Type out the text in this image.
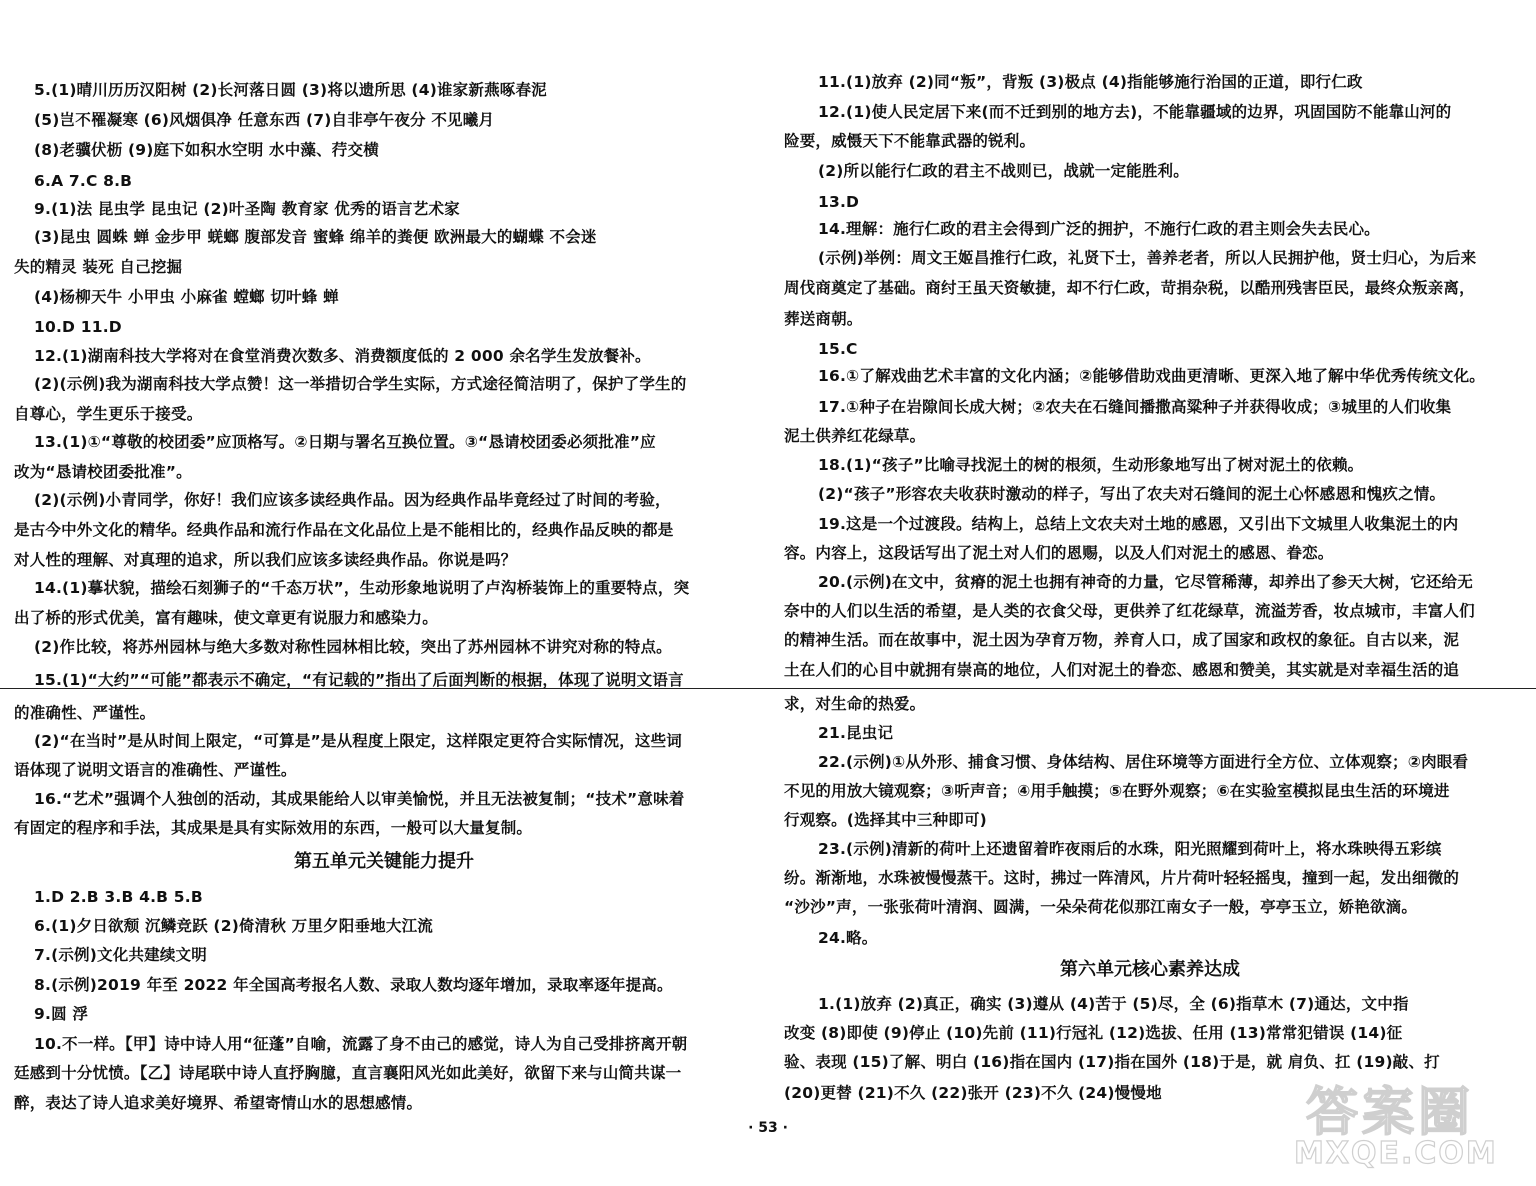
5.(1)晴川历历汉阳树 (2)长河落日圆 (3)将以遗所思 (4)谁家新燕啄春泥
(5)岂不罹凝寒 (6)风烟俱净 任意东西 (7)自非亭午夜分 不见曦月
(8)老骥伏枥 (9)庭下如积水空明 水中藻、荇交横
6.A 7.C 8.B
9.(1)法 昆虫学 昆虫记 (2)叶圣陶 教育家 优秀的语言艺术家
(3)昆虫 圆蛛 蝉 金步甲 蜣螂 腹部发音 蜜蜂 绵羊的粪便 欧洲最大的蝴蝶 不会迷
失的精灵 装死 自己挖掘
(4)杨柳天牛 小甲虫 小麻雀 螳螂 切叶蜂 蝉
10.D 11.D
12.(1)湖南科技大学将对在食堂消费次数多、消费额度低的 2 000 余名学生发放餐补。
(2)(示例)我为湖南科技大学点赞！这一举措切合学生实际，方式途径简洁明了，保护了学生的
自尊心，学生更乐于接受。
13.(1)①“尊敬的校团委”应顶格写。②日期与署名互换位置。③“恳请校团委必须批准”应
改为“恳请校团委批准”。
(2)(示例)小青同学，你好！我们应该多读经典作品。因为经典作品毕竟经过了时间的考验，
是古今中外文化的精华。经典作品和流行作品在文化品位上是不能相比的，经典作品反映的都是
对人性的理解、对真理的追求，所以我们应该多读经典作品。你说是吗？
14.(1)摹状貌，描绘石刻狮子的“千态万状”，生动形象地说明了卢沟桥装饰上的重要特点，突
出了桥的形式优美，富有趣味，使文章更有说服力和感染力。
(2)作比较，将苏州园林与绝大多数对称性园林相比较，突出了苏州园林不讲究对称的特点。
15.(1)“大约”“可能”都表示不确定，“有记载的”指出了后面判断的根据，体现了说明文语言
的准确性、严谨性。
(2)“在当时”是从时间上限定，“可算是”是从程度上限定，这样限定更符合实际情况，这些词
语体现了说明文语言的准确性、严谨性。
16.“艺术”强调个人独创的活动，其成果能给人以审美愉悦，并且无法被复制；“技术”意味着
有固定的程序和手法，其成果是具有实际效用的东西，一般可以大量复制。
第五单元关键能力提升
1.D 2.B 3.B 4.B 5.B
6.(1)夕日欲颓 沉鳞竞跃 (2)倚清秋 万里夕阳垂地大江流
7.(示例)文化共建续文明
8.(示例)2019 年至 2022 年全国高考报名人数、录取人数均逐年增加，录取率逐年提高。
9.圆 浮
10.不一样。【甲】诗中诗人用“征蓬”自喻，流露了身不由己的感觉，诗人为自己受排挤离开朝
廷感到十分忧愤。【乙】诗尾联中诗人直抒胸臆，直言襄阳风光如此美好，欲留下来与山简共谋一
醉，表达了诗人追求美好境界、希望寄情山水的思想感情。
11.(1)放弃 (2)同“叛”，背叛 (3)极点 (4)指能够施行治国的正道，即行仁政
12.(1)使人民定居下来(而不迁到别的地方去)，不能靠疆域的边界，巩固国防不能靠山河的
险要，威慑天下不能靠武器的锐利。
(2)所以能行仁政的君主不战则已，战就一定能胜利。
13.D
14.理解：施行仁政的君主会得到广泛的拥护，不施行仁政的君主则会失去民心。
(示例)举例：周文王姬昌推行仁政，礼贤下士，善养老者，所以人民拥护他，贤士归心，为后来
周伐商奠定了基础。商纣王虽天资敏捷，却不行仁政，苛捐杂税，以酷刑残害臣民，最终众叛亲离，
葬送商朝。
15.C
16.①了解戏曲艺术丰富的文化内涵；②能够借助戏曲更清晰、更深入地了解中华优秀传统文化。
17.①种子在岩隙间长成大树；②农夫在石缝间播撒高粱种子并获得收成；③城里的人们收集
泥土供养红花绿草。
18.(1)“孩子”比喻寻找泥土的树的根须，生动形象地写出了树对泥土的依赖。
(2)“孩子”形容农夫收获时激动的样子，写出了农夫对石缝间的泥土心怀感恩和愧疚之情。
19.这是一个过渡段。结构上，总结上文农夫对土地的感恩，又引出下文城里人收集泥土的内
容。内容上，这段话写出了泥土对人们的恩赐，以及人们对泥土的感恩、眷恋。
20.(示例)在文中，贫瘠的泥土也拥有神奇的力量，它尽管稀薄，却养出了参天大树，它还给无
奈中的人们以生活的希望，是人类的衣食父母，更供养了红花绿草，流溢芳香，妆点城市，丰富人们
的精神生活。而在故事中，泥土因为孕育万物，养育人口，成了国家和政权的象征。自古以来，泥
土在人们的心目中就拥有崇高的地位，人们对泥土的眷恋、感恩和赞美，其实就是对幸福生活的追
求，对生命的热爱。
21.昆虫记
22.(示例)①从外形、捕食习惯、身体结构、居住环境等方面进行全方位、立体观察；②肉眼看
不见的用放大镜观察；③听声音；④用手触摸；⑤在野外观察；⑥在实验室模拟昆虫生活的环境进
行观察。(选择其中三种即可)
23.(示例)清新的荷叶上还遗留着昨夜雨后的水珠，阳光照耀到荷叶上，将水珠映得五彩缤
纷。渐渐地，水珠被慢慢蒸干。这时，拂过一阵清风，片片荷叶轻轻摇曳，撞到一起，发出细微的
“沙沙”声，一张张荷叶清润、圆满，一朵朵荷花似那江南女子一般，亭亭玉立，娇艳欲滴。
24.略。
第六单元核心素养达成
1.(1)放弃 (2)真正，确实 (3)遵从 (4)苦于 (5)尽，全 (6)指草木 (7)通达，文中指
改变 (8)即使 (9)停止 (10)先前 (11)行冠礼 (12)选拔、任用 (13)常常犯错误 (14)征
验、表现 (15)了解、明白 (16)指在国内 (17)指在国外 (18)于是，就 肩负、扛 (19)敲、打
(20)更替 (21)不久 (22)张开 (23)不久 (24)慢慢地
· 53 ·	答案圈
MXQE.COM
